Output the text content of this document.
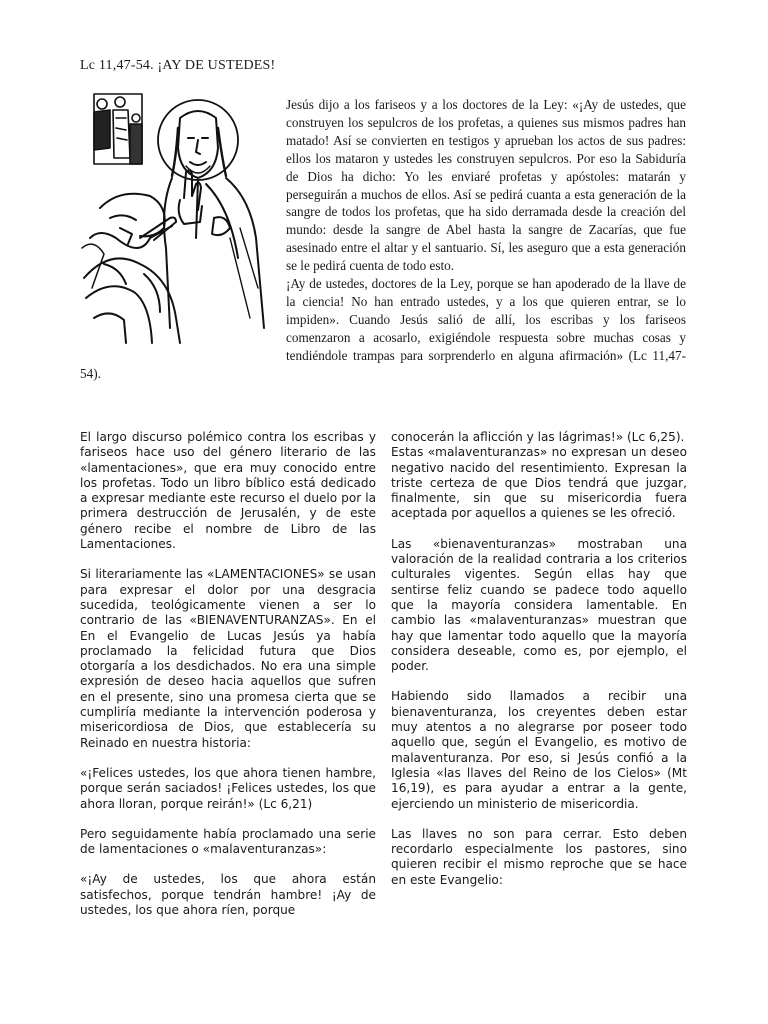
Lc 11,47-54. ¡AY DE USTEDES!

Jesús dijo a los fariseos y a los doctores de la Ley: «¡Ay de ustedes, que construyen los sepulcros de los profetas, a quienes sus mismos padres han matado! Así se convierten en testigos y aprueban los actos de sus padres: ellos los mataron y ustedes les construyen sepulcros. Por eso la Sabiduría de Dios ha dicho: Yo les enviaré profetas y apóstoles: matarán y perseguirán a muchos de ellos. Así se pedirá cuanta a esta generación de la sangre de todos los profetas, que ha sido derramada desde la creación del mundo: desde la sangre de Abel hasta la sangre de Zacarías, que fue asesinado entre el altar y el santuario. Sí, les aseguro que a esta generación se le pedirá cuenta de todo esto.

¡Ay de ustedes, doctores de la Ley, porque se han apoderado de la llave de la ciencia! No han entrado ustedes, y a los que quieren entrar, se lo impiden». Cuando Jesús salió de allí, los escribas y los fariseos comenzaron a acosarlo, exigiéndole respuesta sobre muchas cosas y tendiéndole trampas para sorprenderlo en alguna afirmación» (Lc 11,47-54).

El largo discurso polémico contra los escribas y fariseos hace uso del género literario de las «lamentaciones», que era muy conocido entre los profetas. Todo un libro bíblico está dedicado a expresar mediante este recurso el duelo por la primera destrucción de Jerusalén, y de este género recibe el nombre de Libro de las Lamentaciones.

Si literariamente las «LAMENTACIONES» se usan para expresar el dolor por una desgracia sucedida, teológicamente vienen a ser lo contrario de las «BIENAVENTURANZAS». En el En el Evangelio de Lucas Jesús ya había proclamado la felicidad futura que Dios otorgaría a los desdichados. No era una simple expresión de deseo hacia aquellos que sufren en el presente, sino una promesa cierta que se cumpliría mediante la intervención poderosa y misericordiosa de Dios, que establecería su Reinado en nuestra historia:

«¡Felices ustedes, los que ahora tienen hambre, porque serán saciados! ¡Felices ustedes, los que ahora lloran, porque reirán!» (Lc 6,21)

Pero seguidamente había proclamado una serie de lamentaciones o «malaventuranzas»:

«¡Ay de ustedes, los que ahora están satisfechos, porque tendrán hambre! ¡Ay de ustedes, los que ahora ríen, porque

conocerán la aflicción y las lágrimas!» (Lc 6,25).

Estas «malaventuranzas» no expresan un deseo negativo nacido del resentimiento. Expresan la triste certeza de que Dios tendrá que juzgar, finalmente, sin que su misericordia fuera aceptada por aquellos a quienes se les ofreció.

Las «bienaventuranzas» mostraban una valoración de la realidad contraria a los criterios culturales vigentes. Según ellas hay que sentirse feliz cuando se padece todo aquello que la mayoría considera lamentable. En cambio las «malaventuranzas» muestran que hay que lamentar todo aquello que la mayoría considera deseable, como es, por ejemplo, el poder.

Habiendo sido llamados a recibir una bienaventuranza, los creyentes deben estar muy atentos a no alegrarse por poseer todo aquello que, según el Evangelio, es motivo de malaventuranza. Por eso, si Jesús confió a la Iglesia «las llaves del Reino de los Cielos» (Mt 16,19), es para ayudar a entrar a la gente, ejerciendo un ministerio de misericordia.

Las llaves no son para cerrar. Esto deben recordarlo especialmente los pastores, sino quieren recibir el mismo reproche que se hace en este Evangelio:
